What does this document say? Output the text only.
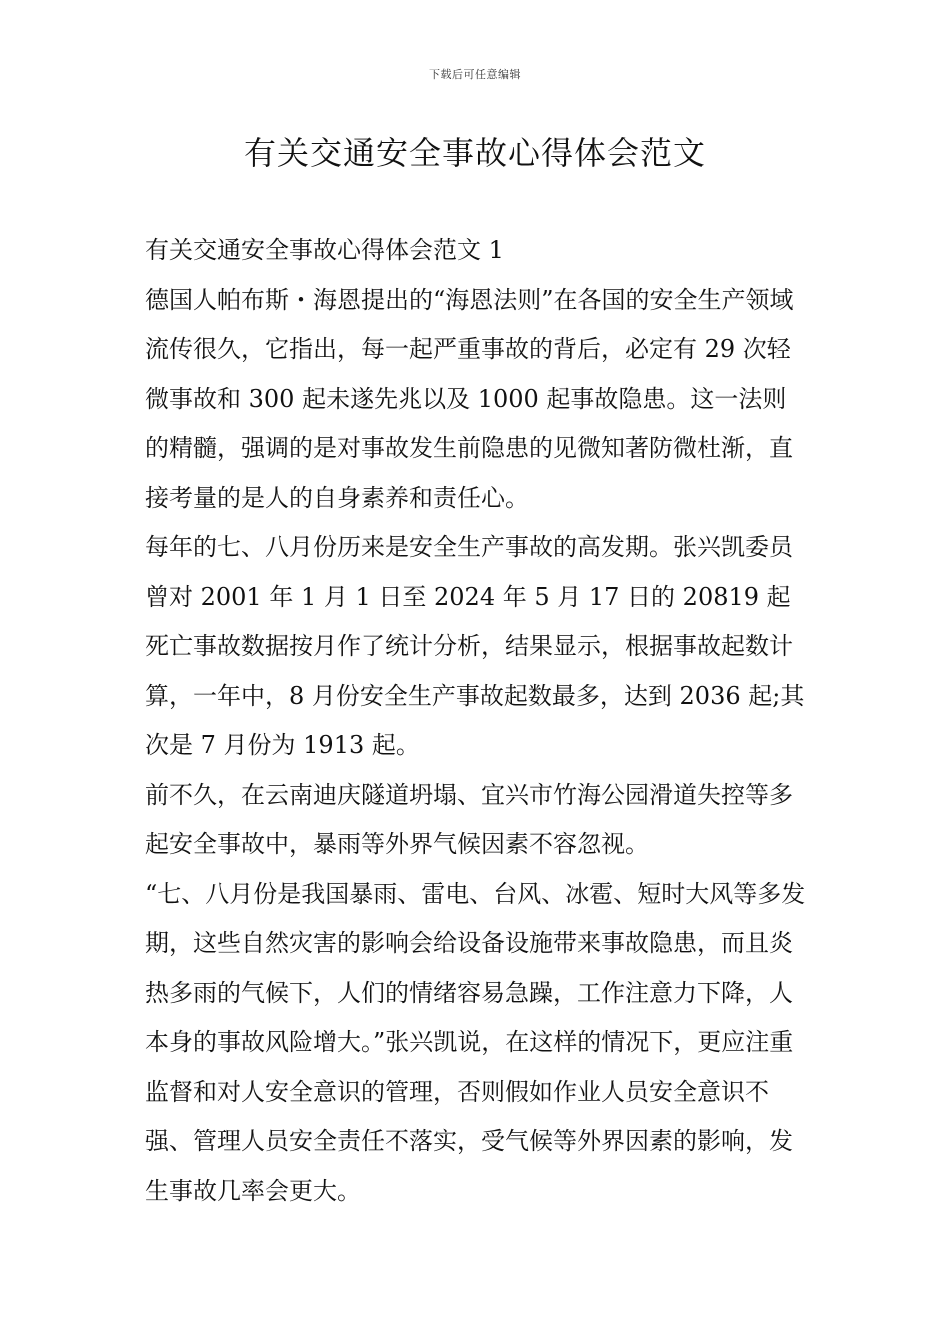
下载后可任意编辑
有关交通安全事故心得体会范文

有关交通安全事故心得体会范文 1

德国人帕布斯・海恩提出的“海恩法则”在各国的安全生产领域流传很久，它指出，每一起严重事故的背后，必定有 29 次轻微事故和 300 起未遂先兆以及 1000 起事故隐患。这一法则的精髓，强调的是对事故发生前隐患的见微知著防微杜渐，直接考量的是人的自身素养和责任心。

每年的七、八月份历来是安全生产事故的高发期。张兴凯委员曾对 2001 年 1 月 1 日至 2024 年 5 月 17 日的 20819 起死亡事故数据按月作了统计分析，结果显示，根据事故起数计算，一年中，8 月份安全生产事故起数最多，达到 2036 起;其次是 7 月份为 1913 起。

前不久，在云南迪庆隧道坍塌、宜兴市竹海公园滑道失控等多起安全事故中，暴雨等外界气候因素不容忽视。

“七、八月份是我国暴雨、雷电、台风、冰雹、短时大风等多发期，这些自然灾害的影响会给设备设施带来事故隐患，而且炎热多雨的气候下，人们的情绪容易急躁，工作注意力下降，人本身的事故风险增大。”张兴凯说，在这样的情况下，更应注重监督和对人安全意识的管理，否则假如作业人员安全意识不强、管理人员安全责任不落实，受气候等外界因素的影响，发生事故几率会更大。
